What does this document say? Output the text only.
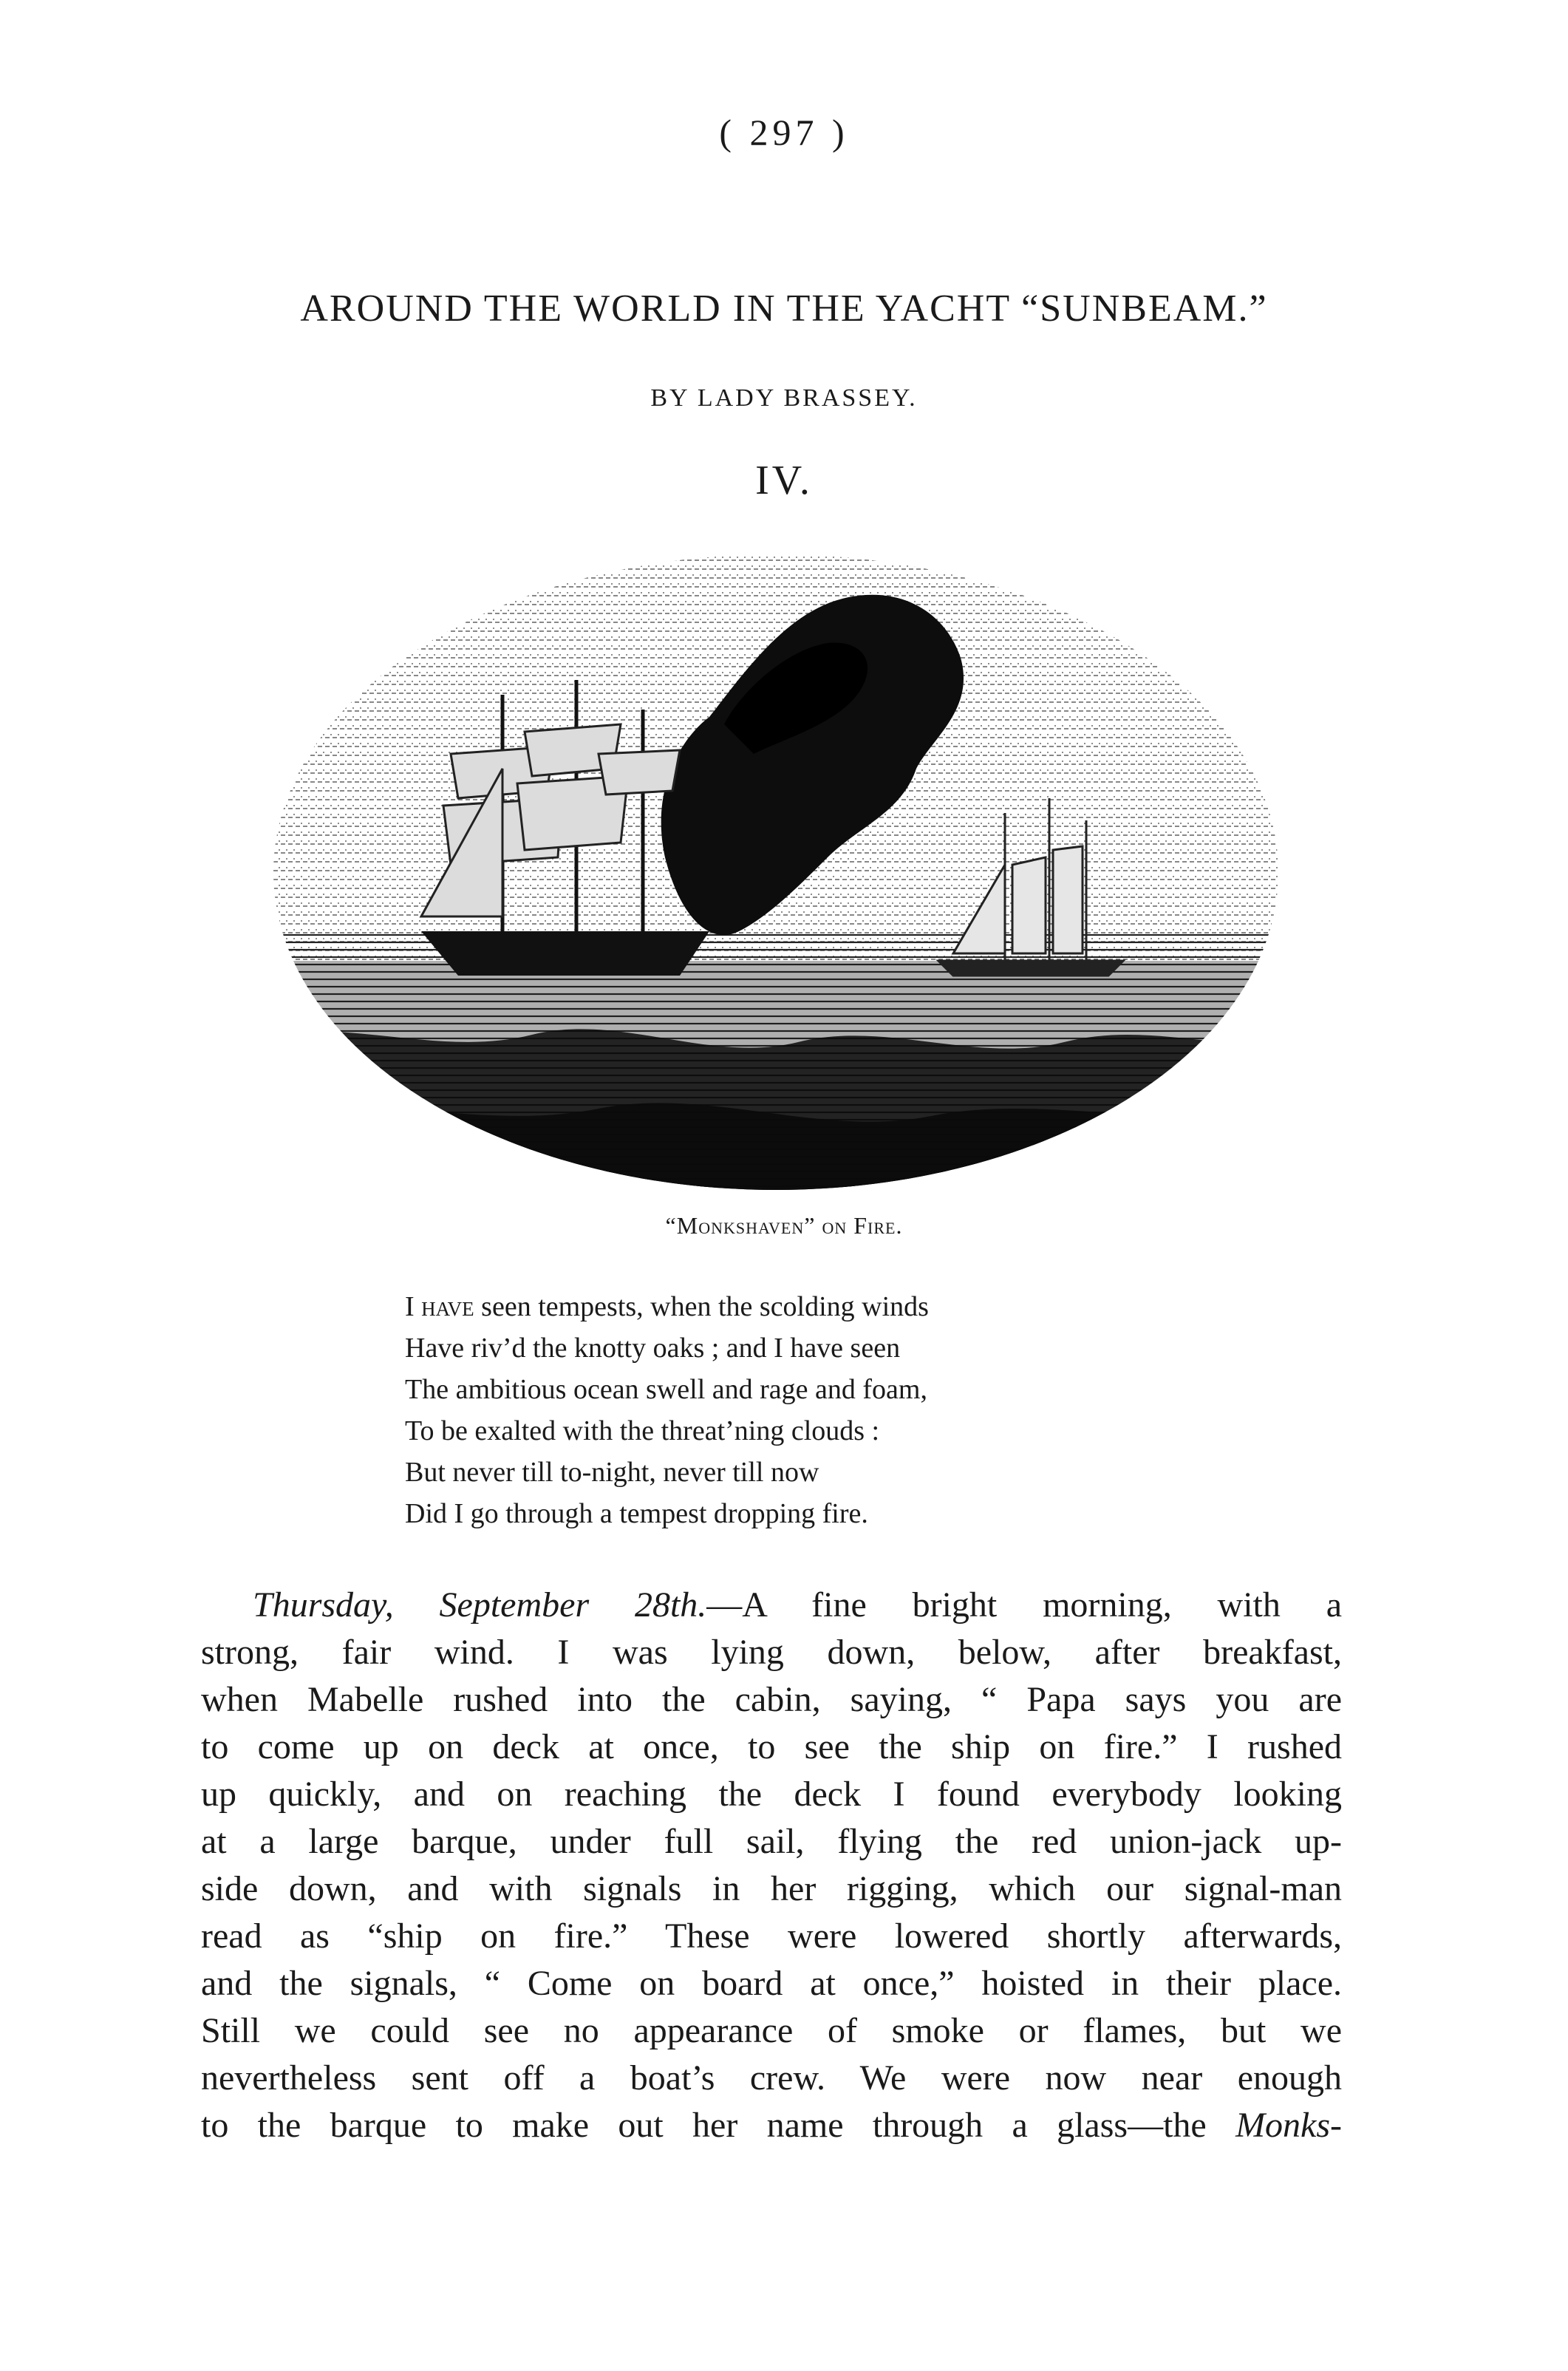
( 297 )
AROUND THE WORLD IN THE YACHT “SUNBEAM.”
BY LADY BRASSEY.
IV.
“Monkshaven” on Fire.
I have seen tempests, when the scolding winds
Have riv’d the knotty oaks ; and I have seen
The ambitious ocean swell and rage and foam,
To be exalted with the threat’ning clouds :
But never till to-night, never till now
Did I go through a tempest dropping fire.
Thursday, September 28th.—A fine bright morning, with a
strong, fair wind. I was lying down, below, after breakfast,
when Mabelle rushed into the cabin, saying, “ Papa says you are
to come up on deck at once, to see the ship on fire.” I rushed
up quickly, and on reaching the deck I found everybody looking
at a large barque, under full sail, flying the red union-jack up-
side down, and with signals in her rigging, which our signal-man
read as “ship on fire.” These were lowered shortly afterwards,
and the signals, “ Come on board at once,” hoisted in their place.
Still we could see no appearance of smoke or flames, but we
nevertheless sent off a boat’s crew. We were now near enough
to the barque to make out her name through a glass—the Monks-
